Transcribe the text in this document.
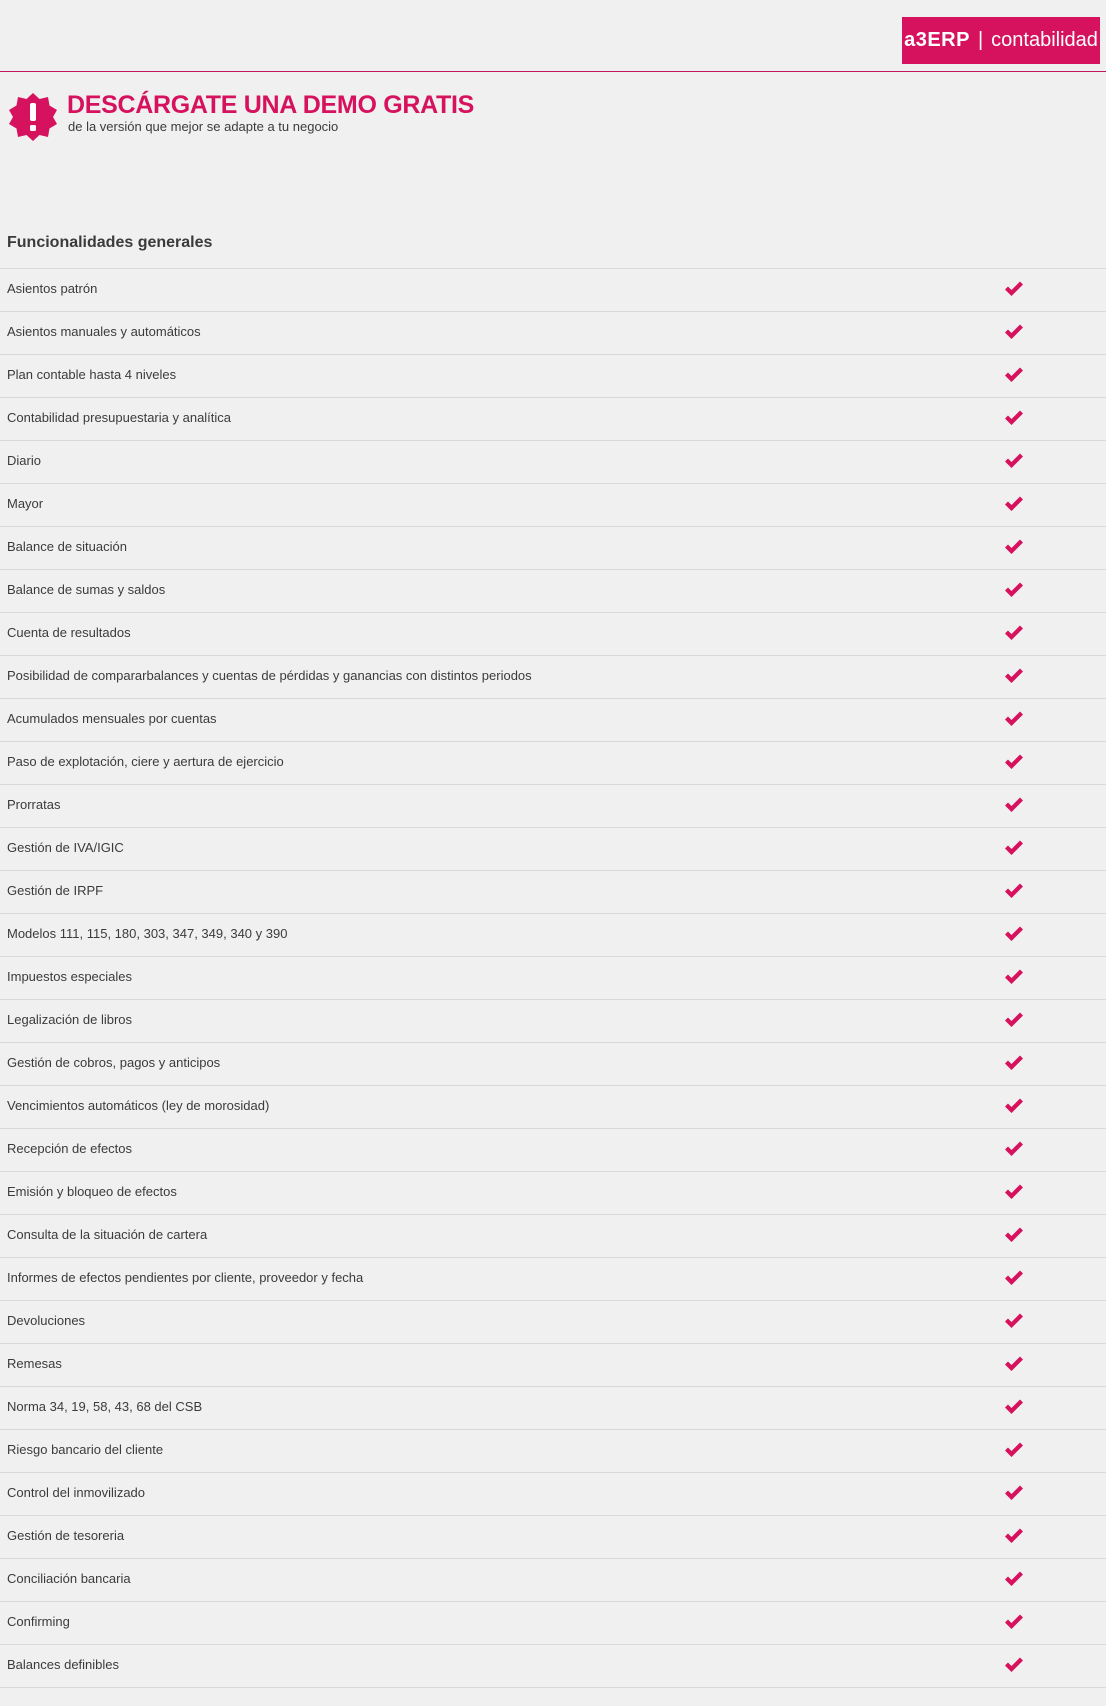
a3ERP | contabilidad
DESCÁRGATE UNA DEMO GRATIS
de la versión que mejor se adapte a tu negocio
Funcionalidades generales
Asientos patrón
Asientos manuales y automáticos
Plan contable hasta 4 niveles
Contabilidad presupuestaria y analítica
Diario
Mayor
Balance de situación
Balance de sumas y saldos
Cuenta de resultados
Posibilidad de compararbalances y cuentas de pérdidas y ganancias con distintos periodos
Acumulados mensuales por cuentas
Paso de explotación, ciere y aertura de ejercicio
Prorratas
Gestión de IVA/IGIC
Gestión de IRPF
Modelos 111, 115, 180, 303, 347, 349, 340 y 390
Impuestos especiales
Legalización de libros
Gestión de cobros, pagos y anticipos
Vencimientos automáticos (ley de morosidad)
Recepción de efectos
Emisión y bloqueo de efectos
Consulta de la situación de cartera
Informes de efectos pendientes por cliente, proveedor y fecha
Devoluciones
Remesas
Norma 34, 19, 58, 43, 68 del CSB
Riesgo bancario del cliente
Control del inmovilizado
Gestión de tesoreria
Conciliación bancaria
Confirming
Balances definibles
